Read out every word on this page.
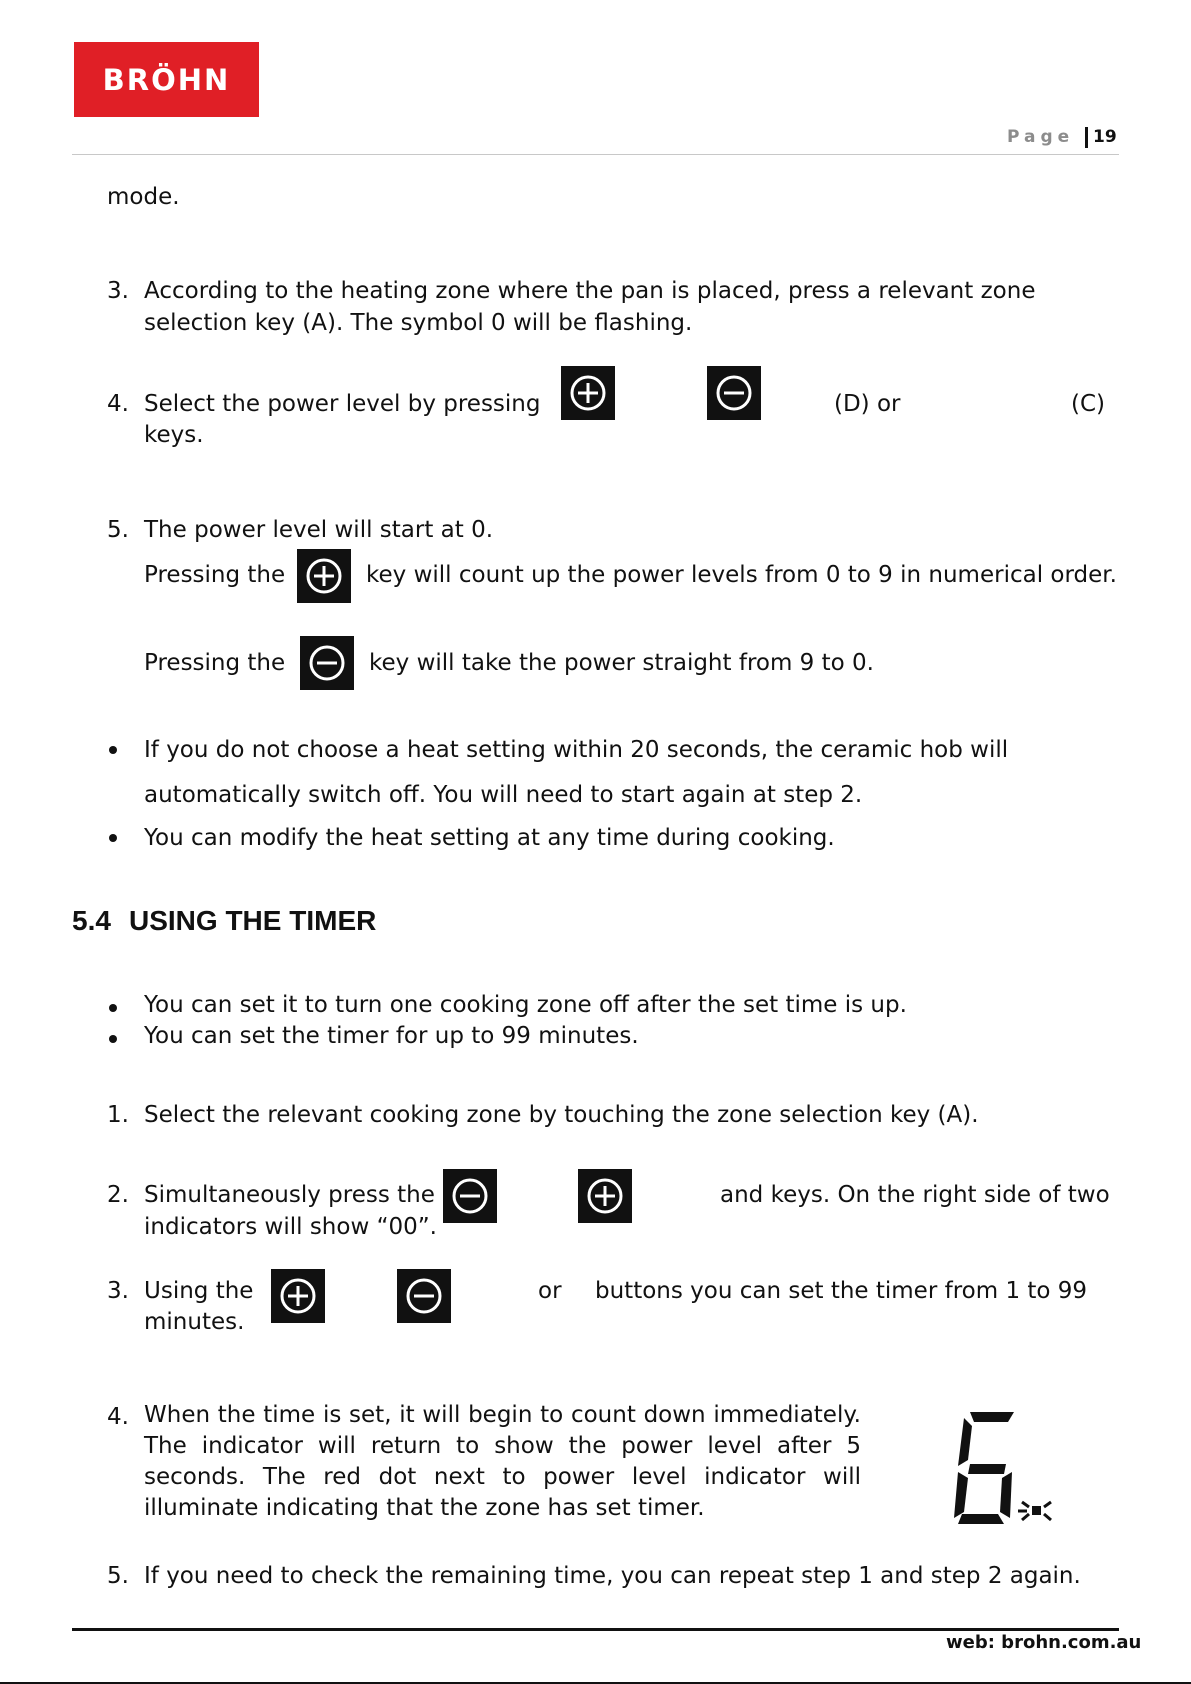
BRÖHN
Page 19
mode.
3. According to the heating zone where the pan is placed, press a relevant zone
selection key (A). The symbol 0 will be flashing.
4. Select the power level by pressing	(D) or	(C)
keys.
5. The power level will start at 0.
Pressing the	key will count up the power levels from 0 to 9 in numerical order.
Pressing the	key will take the power straight from 9 to 0.
If you do not choose a heat setting within 20 seconds, the ceramic hob will
automatically switch off. You will need to start again at step 2.
You can modify the heat setting at any time during cooking.
5.4 USING THE TIMER
You can set it to turn one cooking zone off after the set time is up.
You can set the timer for up to 99 minutes.
1. Select the relevant cooking zone by touching the zone selection key (A).
2. Simultaneously press the	and keys. On the right side of two
indicators will show “00”.
3. Using the	or buttons you can set the timer from 1 to 99
minutes.
4. When the time is set, it will begin to count down immediately. The indicator will return to show the power level after 5 seconds. The red dot next to power level indicator will illuminate indicating that the zone has set timer.
5. If you need to check the remaining time, you can repeat step 1 and step 2 again.
web: brohn.com.au
